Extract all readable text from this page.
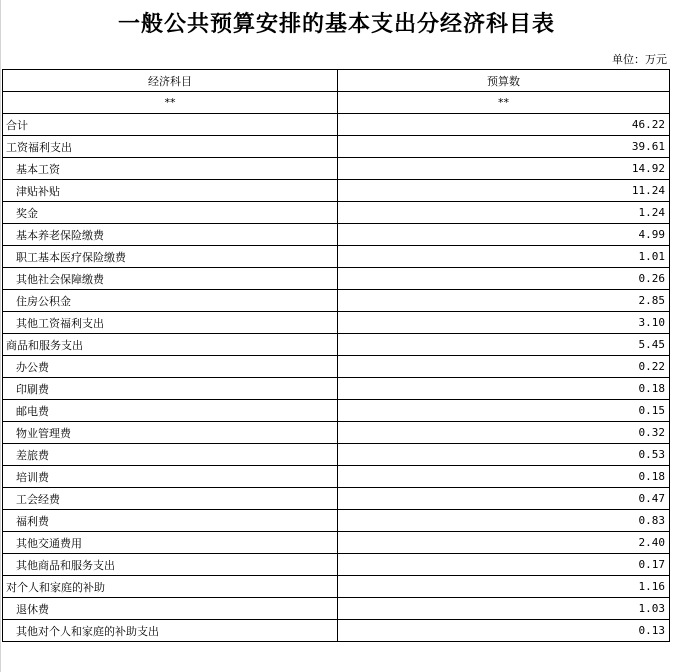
一般公共预算安排的基本支出分经济科目表
单位：万元
经济科目	预算数
**	**
合计	46.22
工资福利支出	39.61
基本工资	14.92
津贴补贴	11.24
奖金	1.24
基本养老保险缴费	4.99
职工基本医疗保险缴费	1.01
其他社会保障缴费	0.26
住房公积金	2.85
其他工资福利支出	3.10
商品和服务支出	5.45
办公费	0.22
印刷费	0.18
邮电费	0.15
物业管理费	0.32
差旅费	0.53
培训费	0.18
工会经费	0.47
福利费	0.83
其他交通费用	2.40
其他商品和服务支出	0.17
对个人和家庭的补助	1.16
退休费	1.03
其他对个人和家庭的补助支出	0.13
